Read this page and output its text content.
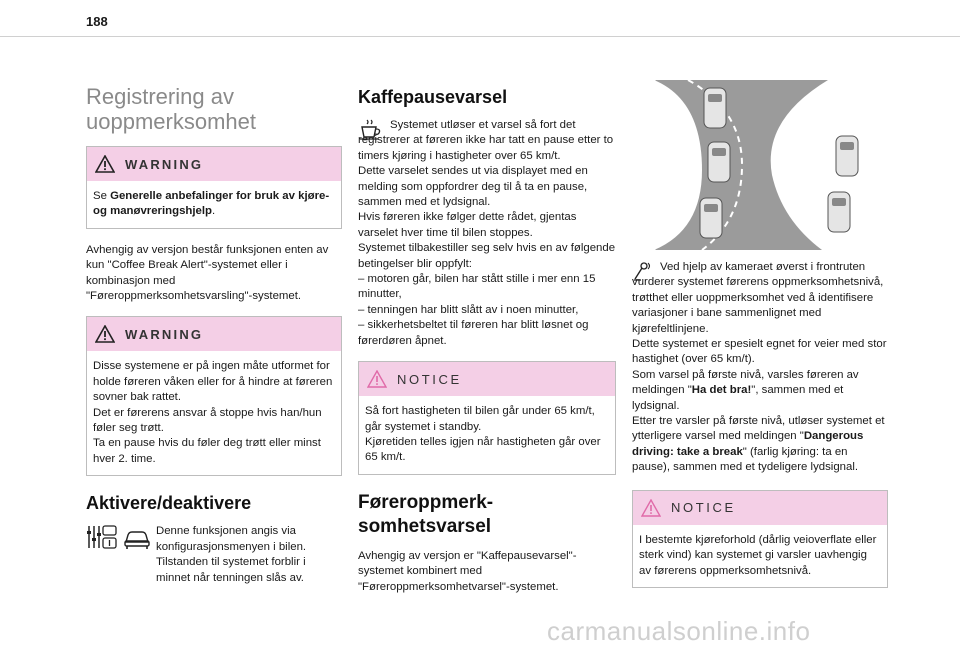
188
Registrering av uoppmerksomhet
WARNING

Se Generelle anbefalinger for bruk av kjøre- og manøvreringshjelp.

Avhengig av versjon består funksjonen enten av kun "Coffee Break Alert"-systemet eller i kombinasjon med "Føreroppmerksomhetsvarsling"-systemet.

WARNING

Disse systemene er på ingen måte utformet for holde føreren våken eller for å hindre at føreren sovner bak rattet.
Det er førerens ansvar å stoppe hvis han/hun føler seg trøtt.
Ta en pause hvis du føler deg trøtt eller minst hver 2. time.

Aktivere/deaktivere

Denne funksjonen angis via konfigurasjonsmenyen i bilen.
Tilstanden til systemet forblir i minnet når tenningen slås av.

Kaffepausevarsel

Systemet utløser et varsel så fort det registrerer at føreren ikke har tatt en pause etter to timers kjøring i hastigheter over 65 km/t.
Dette varselet sendes ut via displayet med en melding som oppfordrer deg til å ta en pause, sammen med et lydsignal.
Hvis føreren ikke følger dette rådet, gjentas varselet hver time til bilen stoppes.
Systemet tilbakestiller seg selv hvis en av følgende betingelser blir oppfylt:
– motoren går, bilen har stått stille i mer enn 15 minutter,
– tenningen har blitt slått av i noen minutter,
– sikkerhetsbeltet til føreren har blitt løsnet og førerdøren åpnet.

NOTICE

Så fort hastigheten til bilen går under 65 km/t, går systemet i standby.
Kjøretiden telles igjen når hastigheten går over 65 km/t.

Føreroppmerk-somhetsvarsel

Avhengig av versjon er "Kaffepausevarsel"-systemet kombinert med "Føreroppmerksomhetvarsel"-systemet.

Ved hjelp av kameraet øverst i frontruten vurderer systemet førerens oppmerksomhetsnivå, trøtthet eller uoppmerksomhet ved å identifisere variasjoner i bane sammenlignet med kjørefeltlinjene.

Dette systemet er spesielt egnet for veier med stor hastighet (over 65 km/t).

Som varsel på første nivå, varsles føreren av meldingen "Ha det bra!", sammen med et lydsignal.

Etter tre varsler på første nivå, utløser systemet et ytterligere varsel med meldingen "Dangerous driving: take a break" (farlig kjøring: ta en pause), sammen med et tydeligere lydsignal.

NOTICE

I bestemte kjøreforhold (dårlig veioverflate eller sterk vind) kan systemet gi varsler uavhengig av førerens oppmerksomhetsnivå.

carmanualsonline.info
